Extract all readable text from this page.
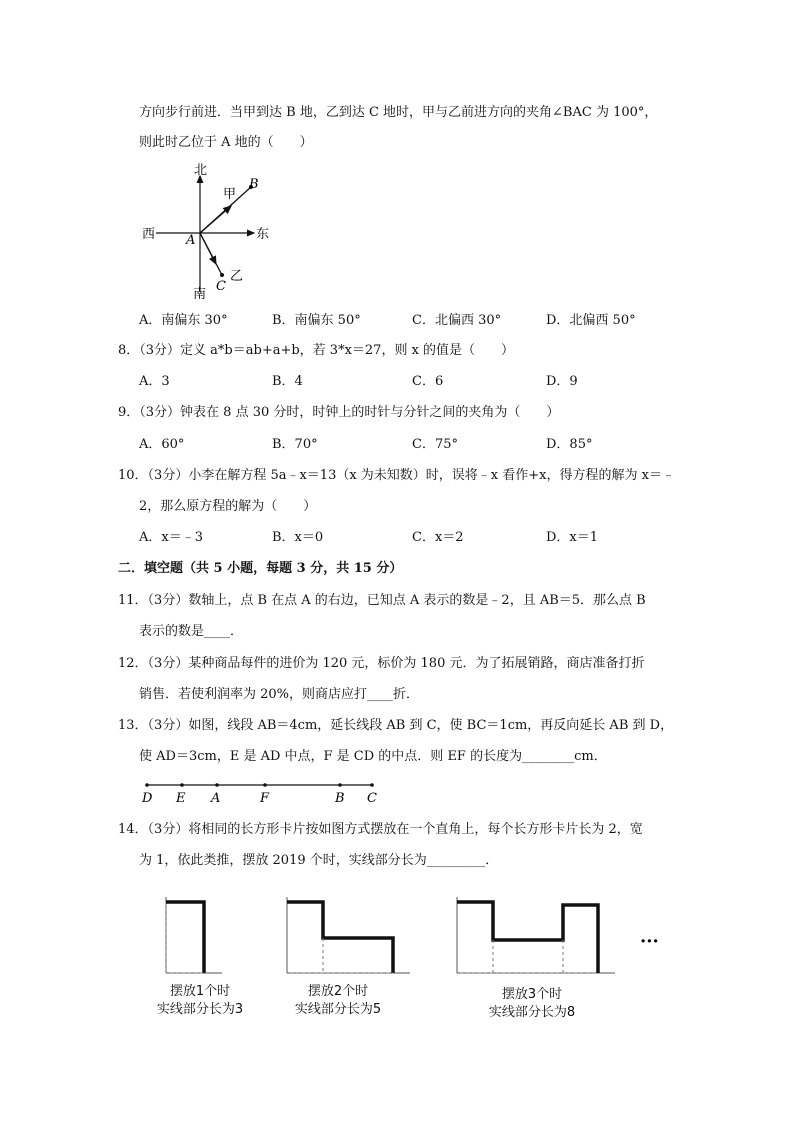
方向步行前进．当甲到达 B 地，乙到达 C 地时，甲与乙前进方向的夹角∠BAC 为 100°，
则此时乙位于 A 地的（　　）
北
南
西	东
甲
乙
A
B
C
A．南偏东 30°	B．南偏东 50°	C．北偏西 30°	D．北偏西 50°
8．（3分）定义 a*b＝ab+a+b，若 3*x＝27，则 x 的值是（　　）
A．3	B．4	C．6	D．9
9．（3分）钟表在 8 点 30 分时，时钟上的时针与分针之间的夹角为（　　）
A．60°	B．70°	C．75°	D．85°
10．（3分）小李在解方程 5a﹣x＝13（x 为未知数）时，误将﹣x 看作+x，得方程的解为 x＝﹣
2，那么原方程的解为（　　）
A．x＝﹣3	B．x＝0	C．x＝2	D．x＝1
二．填空题（共 5 小题，每题 3 分，共 15 分）
11．（3分）数轴上，点 B 在点 A 的右边，已知点 A 表示的数是﹣2，且 AB＝5．那么点 B
表示的数是____．
12．（3分）某种商品每件的进价为 120 元，标价为 180 元．为了拓展销路，商店准备打折
销售．若使利润率为 20%，则商店应打____折．
13．（3分）如图，线段 AB＝4cm，延长线段 AB 到 C，使 BC＝1cm，再反向延长 AB 到 D，
使 AD＝3cm，E 是 AD 中点，F 是 CD 的中点．则 EF 的长度为________cm．
D E A	F	B C
14．（3分）将相同的长方形卡片按如图方式摆放在一个直角上，每个长方形卡片长为 2，宽
为 1，依此类推，摆放 2019 个时，实线部分长为_________．
···
摆放1个时
实线部分长为3
摆放2个时
实线部分长为5
摆放3个时
实线部分长为8
